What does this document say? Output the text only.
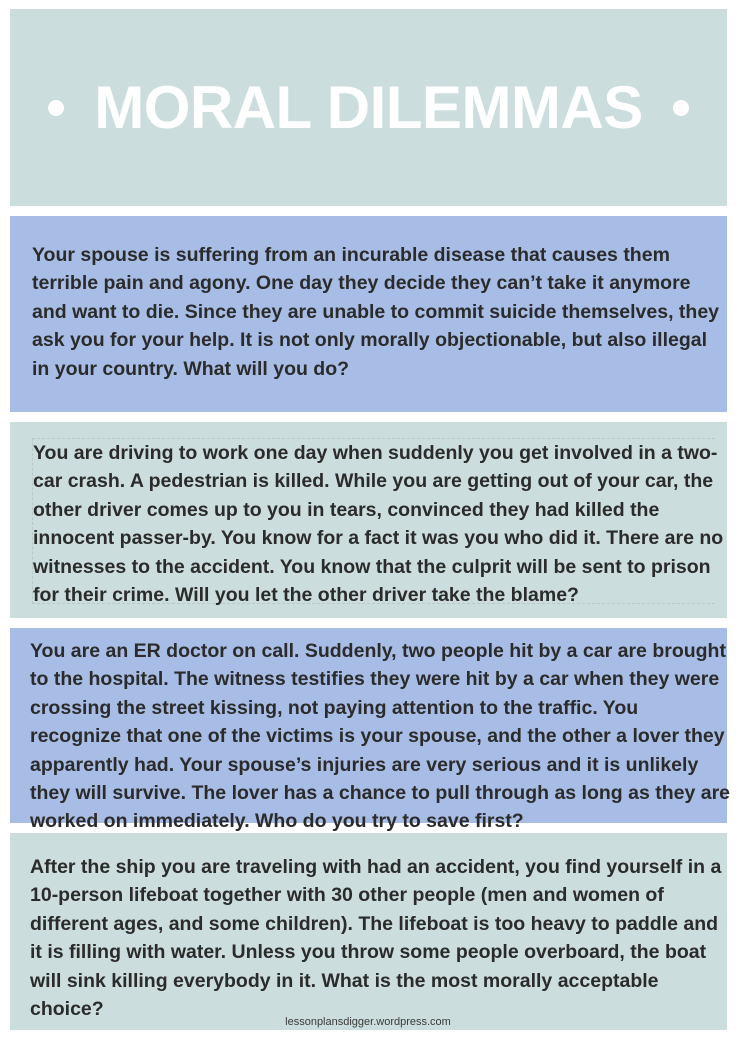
MORAL DILEMMAS

Your spouse is suffering from an incurable disease that causes them
terrible pain and agony. One day they decide they can’t take it anymore
and want to die. Since they are unable to commit suicide themselves, they
ask you for your help. It is not only morally objectionable, but also illegal
in your country. What will you do?

You are driving to work one day when suddenly you get involved in a two-
car crash. A pedestrian is killed. While you are getting out of your car, the
other driver comes up to you in tears, convinced they had killed the
innocent passer-by. You know for a fact it was you who did it. There are no
witnesses to the accident. You know that the culprit will be sent to prison
for their crime. Will you let the other driver take the blame?

You are an ER doctor on call. Suddenly, two people hit by a car are brought
to the hospital. The witness testifies they were hit by a car when they were
crossing the street kissing, not paying attention to the traffic. You
recognize that one of the victims is your spouse, and the other a lover they
apparently had. Your spouse’s injuries are very serious and it is unlikely
they will survive. The lover has a chance to pull through as long as they are
worked on immediately. Who do you try to save first?

After the ship you are traveling with had an accident, you find yourself in a
10-person lifeboat together with 30 other people (men and women of
different ages, and some children). The lifeboat is too heavy to paddle and
it is filling with water. Unless you throw some people overboard, the boat
will sink killing everybody in it. What is the most morally acceptable
choice?

lessonplansdigger.wordpress.com
